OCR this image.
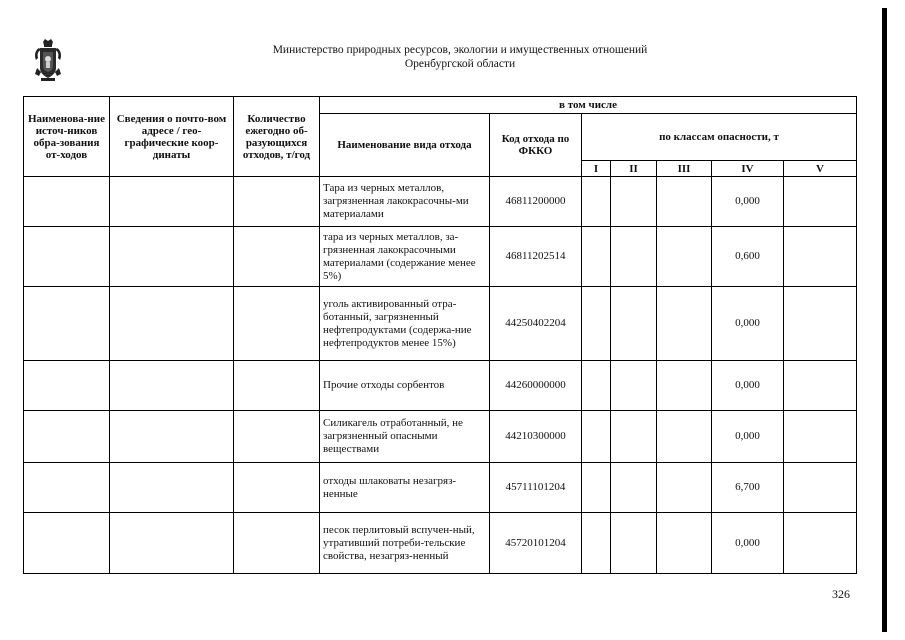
Министерство природных ресурсов, экологии и имущественных отношений
Оренбургской области
Наименова-ние источ-ников обра-зования от-ходов	Сведения о почто-вом адресе / гео-графические коор-динаты	Количество ежегодно об-разующихся отходов, т/год	в том числе						
			Наименование вида отхода	Код отхода по ФККО	по классам опасности, т				
					I	II	III	IV	V
			Тара из черных металлов, загрязненная лакокрасочны-ми материалами	46811200000				0,000	
			тара из черных металлов, за-грязненная лакокрасочными материалами (содержание менее 5%)	46811202514				0,600	
			уголь активированный отра-ботанный, загрязненный нефтепродуктами (содержа-ние нефтепродуктов менее 15%)	44250402204				0,000	
			Прочие отходы сорбентов	44260000000				0,000	
			Силикагель отработанный, не загрязненный опасными веществами	44210300000				0,000	
			отходы шлаковаты незагряз-ненные	45711101204				6,700	
			песок перлитовый вспучен-ный, утративший потреби-тельские свойства, незагряз-ненный	45720101204				0,000	
326
